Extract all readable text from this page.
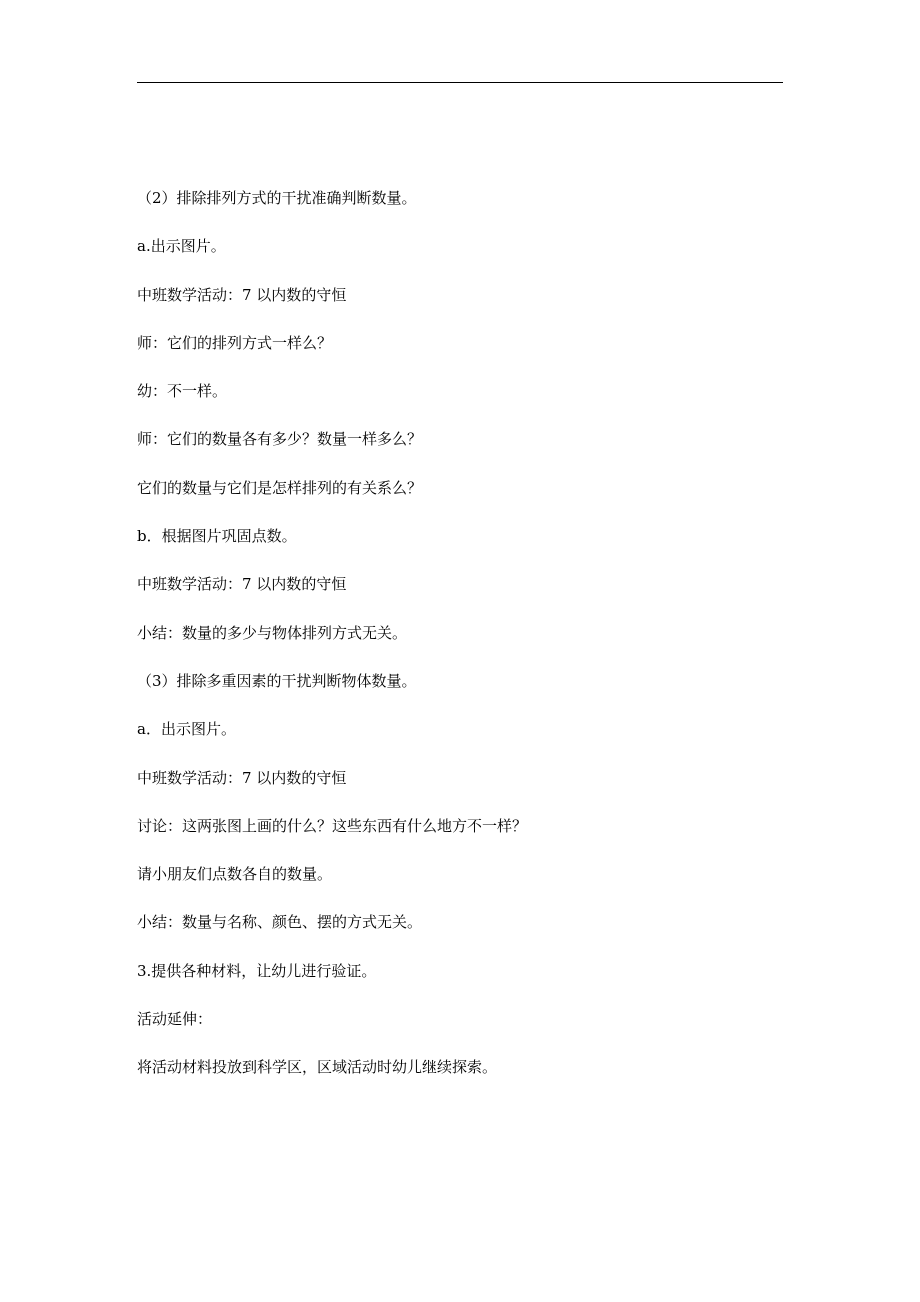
（2）排除排列方式的干扰准确判断数量。

a.出示图片。

中班数学活动：7 以内数的守恒

师：它们的排列方式一样么？

幼：不一样。

师：它们的数量各有多少？数量一样多么？

它们的数量与它们是怎样排列的有关系么？

b．根据图片巩固点数。

中班数学活动：7 以内数的守恒

小结：数量的多少与物体排列方式无关。

（3）排除多重因素的干扰判断物体数量。

a．出示图片。

中班数学活动：7 以内数的守恒

讨论：这两张图上画的什么？这些东西有什么地方不一样？

请小朋友们点数各自的数量。

小结：数量与名称、颜色、摆的方式无关。

3.提供各种材料，让幼儿进行验证。

活动延伸：

将活动材料投放到科学区，区域活动时幼儿继续探索。
